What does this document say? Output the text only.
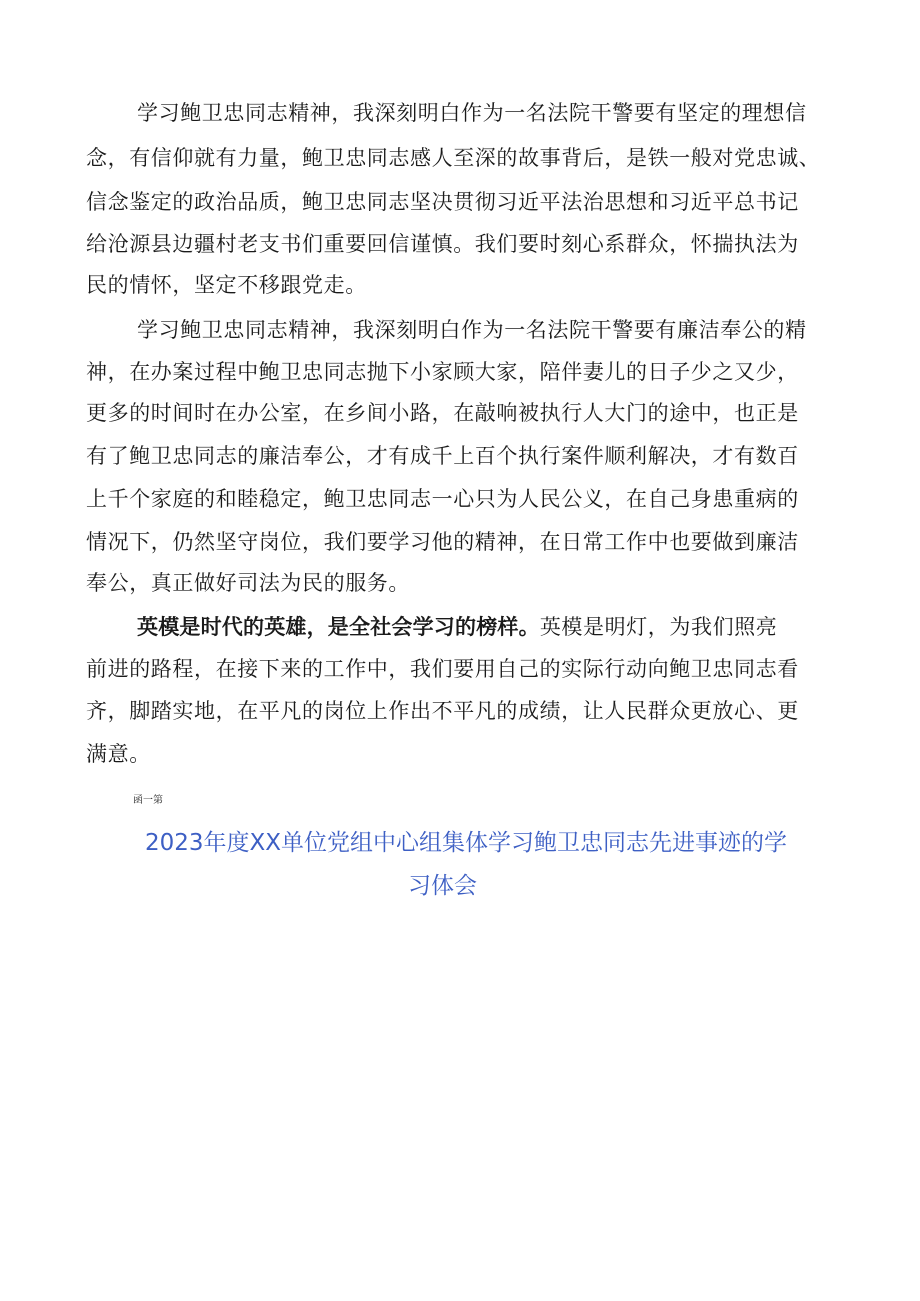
学习鲍卫忠同志精神，我深刻明白作为一名法院干警要有坚定的理想信
念，有信仰就有力量，鲍卫忠同志感人至深的故事背后，是铁一般对党忠诚、
信念鉴定的政治品质，鲍卫忠同志坚决贯彻习近平法治思想和习近平总书记
给沧源县边疆村老支书们重要回信谨慎。我们要时刻心系群众，怀揣执法为
民的情怀，坚定不移跟党走。
学习鲍卫忠同志精神，我深刻明白作为一名法院干警要有廉洁奉公的精
神，在办案过程中鲍卫忠同志抛下小家顾大家，陪伴妻儿的日子少之又少，
更多的时间时在办公室，在乡间小路，在敲响被执行人大门的途中，也正是
有了鲍卫忠同志的廉洁奉公，才有成千上百个执行案件顺利解决，才有数百
上千个家庭的和睦稳定，鲍卫忠同志一心只为人民公义，在自己身患重病的
情况下，仍然坚守岗位，我们要学习他的精神，在日常工作中也要做到廉洁
奉公，真正做好司法为民的服务。
英模是时代的英雄，是全社会学习的榜样。英模是明灯，为我们照亮
前进的路程，在接下来的工作中，我们要用自己的实际行动向鲍卫忠同志看
齐，脚踏实地，在平凡的岗位上作出不平凡的成绩，让人民群众更放心、更
满意。
函一第
2023年度XX单位党组中心组集体学习鲍卫忠同志先进事迹的学
习体会
